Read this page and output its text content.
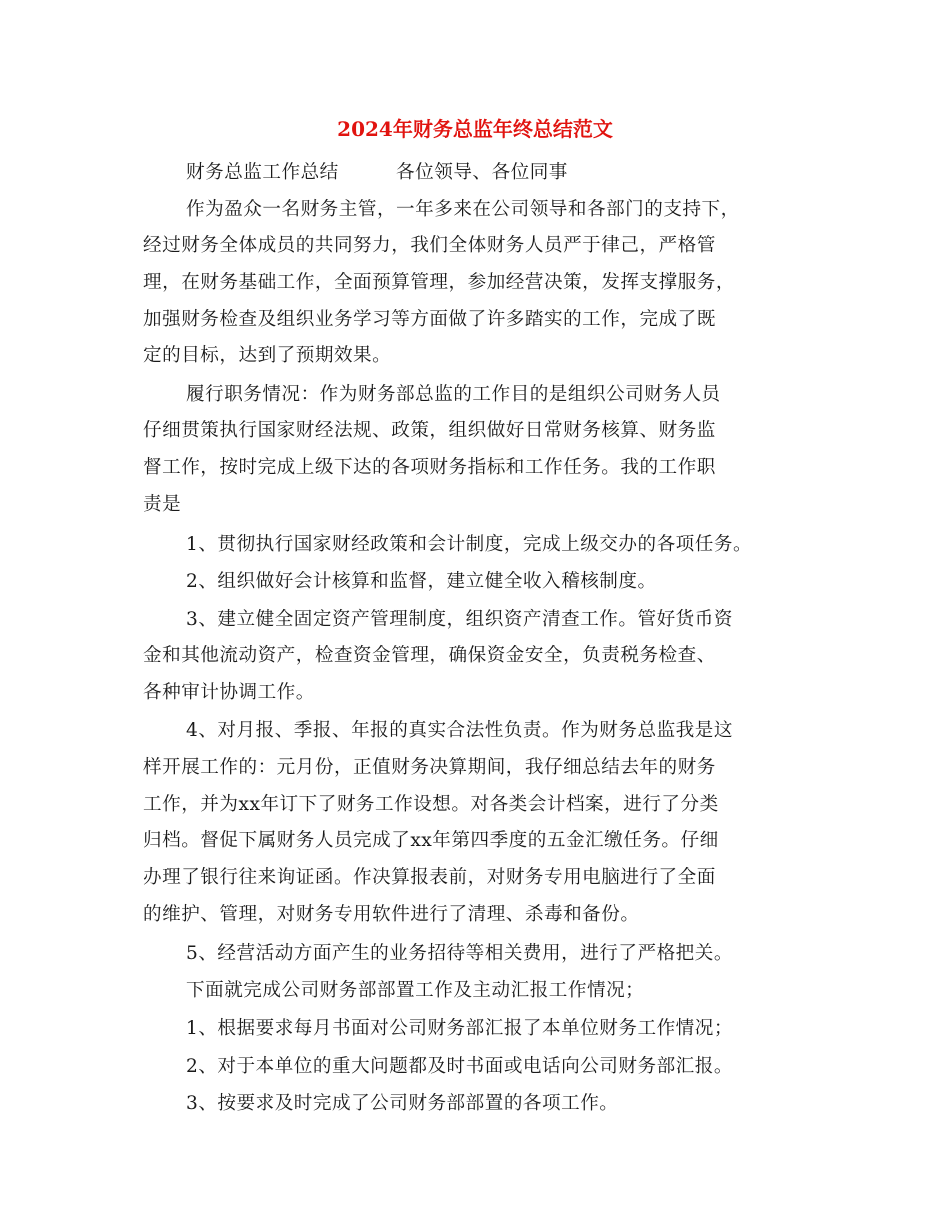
2024年财务总监年终总结范文

财务总监工作总结　　　各位领导、各位同事

作为盈众一名财务主管，一年多来在公司领导和各部门的支持下，

经过财务全体成员的共同努力，我们全体财务人员严于律己，严格管

理，在财务基础工作，全面预算管理，参加经营决策，发挥支撑服务，

加强财务检查及组织业务学习等方面做了许多踏实的工作，完成了既

定的目标，达到了预期效果。

履行职务情况：作为财务部总监的工作目的是组织公司财务人员

仔细贯策执行国家财经法规、政策，组织做好日常财务核算、财务监

督工作，按时完成上级下达的各项财务指标和工作任务。我的工作职

责是

1、贯彻执行国家财经政策和会计制度，完成上级交办的各项任务。

2、组织做好会计核算和监督，建立健全收入稽核制度。

3、建立健全固定资产管理制度，组织资产清查工作。管好货币资

金和其他流动资产，检查资金管理，确保资金安全，负责税务检查、

各种审计协调工作。

4、对月报、季报、年报的真实合法性负责。作为财务总监我是这

样开展工作的：元月份，正值财务决算期间，我仔细总结去年的财务

工作，并为xx年订下了财务工作设想。对各类会计档案，进行了分类

归档。督促下属财务人员完成了xx年第四季度的五金汇缴任务。仔细

办理了银行往来询证函。作决算报表前，对财务专用电脑进行了全面

的维护、管理，对财务专用软件进行了清理、杀毒和备份。

5、经营活动方面产生的业务招待等相关费用，进行了严格把关。

下面就完成公司财务部部置工作及主动汇报工作情况；

1、根据要求每月书面对公司财务部汇报了本单位财务工作情况；

2、对于本单位的重大问题都及时书面或电话向公司财务部汇报。

3、按要求及时完成了公司财务部部置的各项工作。
